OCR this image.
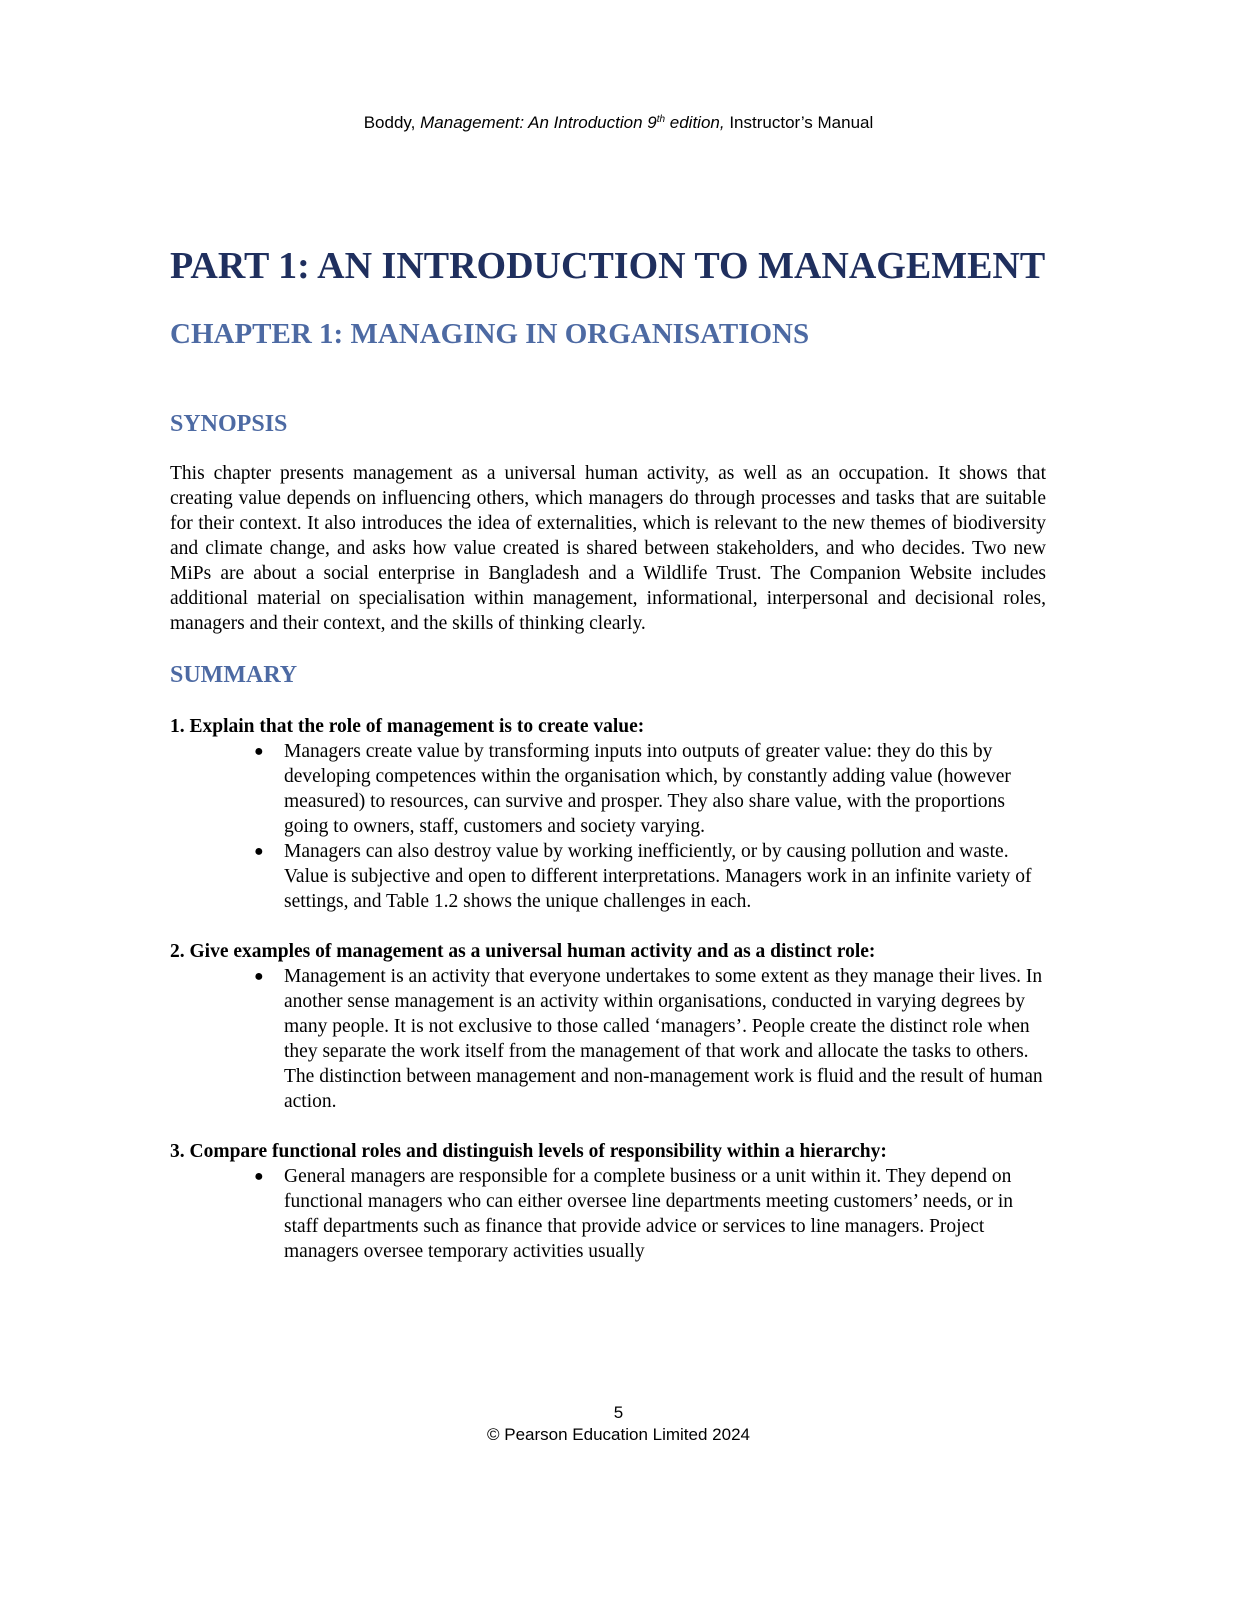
Boddy, Management: An Introduction 9th edition, Instructor’s Manual
PART 1: AN INTRODUCTION TO MANAGEMENT
CHAPTER 1: MANAGING IN ORGANISATIONS
SYNOPSIS

This chapter presents management as a universal human activity, as well as an occupation. It shows that creating value depends on influencing others, which managers do through processes and tasks that are suitable for their context. It also introduces the idea of externalities, which is relevant to the new themes of biodiversity and climate change, and asks how value created is shared between stakeholders, and who decides. Two new MiPs are about a social enterprise in Bangladesh and a Wildlife Trust. The Companion Website includes additional material on specialisation within management, informational, interpersonal and decisional roles, managers and their context, and the skills of thinking clearly.

SUMMARY

1. Explain that the role of management is to create value:

● Managers create value by transforming inputs into outputs of greater value: they do this by developing competences within the organisation which, by constantly adding value (however measured) to resources, can survive and prosper. They also share value, with the proportions going to owners, staff, customers and society varying.
● Managers can also destroy value by working inefficiently, or by causing pollution and waste. Value is subjective and open to different interpretations. Managers work in an infinite variety of settings, and Table 1.2 shows the unique challenges in each.

2. Give examples of management as a universal human activity and as a distinct role:

● Management is an activity that everyone undertakes to some extent as they manage their lives. In another sense management is an activity within organisations, conducted in varying degrees by many people. It is not exclusive to those called ‘managers’. People create the distinct role when they separate the work itself from the management of that work and allocate the tasks to others. The distinction between management and non-management work is fluid and the result of human action.

3. Compare functional roles and distinguish levels of responsibility within a hierarchy:

● General managers are responsible for a complete business or a unit within it. They depend on functional managers who can either oversee line departments meeting customers’ needs, or in staff departments such as finance that provide advice or services to line managers. Project managers oversee temporary activities usually
5
© Pearson Education Limited 2024
